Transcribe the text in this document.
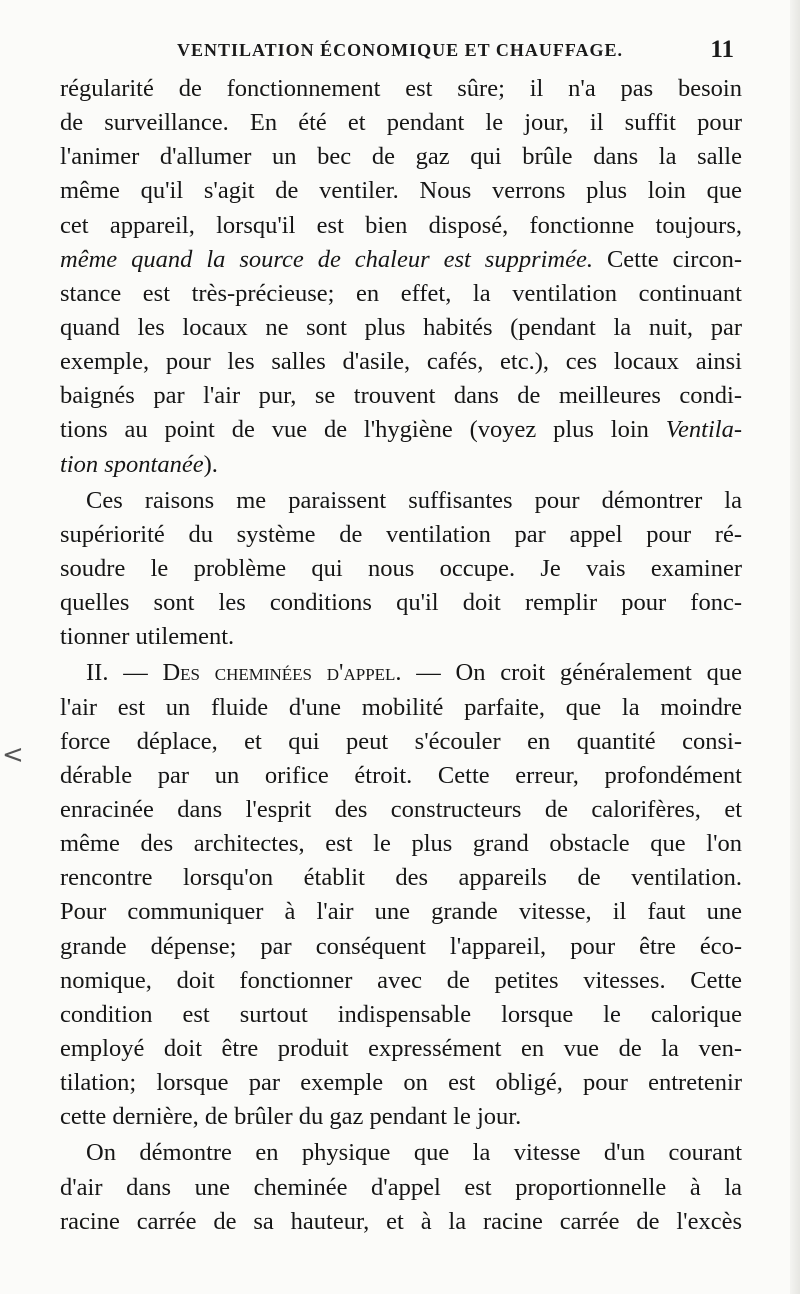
VENTILATION ÉCONOMIQUE ET CHAUFFAGE.	11
<
régularité de fonctionnement est sûre; il n'a pas besoin
de surveillance. En été et pendant le jour, il suffit pour
l'animer d'allumer un bec de gaz qui brûle dans la salle
même qu'il s'agit de ventiler. Nous verrons plus loin que
cet appareil, lorsqu'il est bien disposé, fonctionne toujours,
même quand la source de chaleur est supprimée. Cette circon-
stance est très-précieuse; en effet, la ventilation continuant
quand les locaux ne sont plus habités (pendant la nuit, par
exemple, pour les salles d'asile, cafés, etc.), ces locaux ainsi
baignés par l'air pur, se trouvent dans de meilleures condi-
tions au point de vue de l'hygiène (voyez plus loin Ventila-
tion spontanée).
Ces raisons me paraissent suffisantes pour démontrer la
supériorité du système de ventilation par appel pour ré-
soudre le problème qui nous occupe. Je vais examiner
quelles sont les conditions qu'il doit remplir pour fonc-
tionner utilement.
II. — Des cheminées d'appel. — On croit généralement que
l'air est un fluide d'une mobilité parfaite, que la moindre
force déplace, et qui peut s'écouler en quantité consi-
dérable par un orifice étroit. Cette erreur, profondément
enracinée dans l'esprit des constructeurs de calorifères, et
même des architectes, est le plus grand obstacle que l'on
rencontre lorsqu'on établit des appareils de ventilation.
Pour communiquer à l'air une grande vitesse, il faut une
grande dépense; par conséquent l'appareil, pour être éco-
nomique, doit fonctionner avec de petites vitesses. Cette
condition est surtout indispensable lorsque le calorique
employé doit être produit expressément en vue de la ven-
tilation; lorsque par exemple on est obligé, pour entretenir
cette dernière, de brûler du gaz pendant le jour.
On démontre en physique que la vitesse d'un courant
d'air dans une cheminée d'appel est proportionnelle à la
racine carrée de sa hauteur, et à la racine carrée de l'excès
